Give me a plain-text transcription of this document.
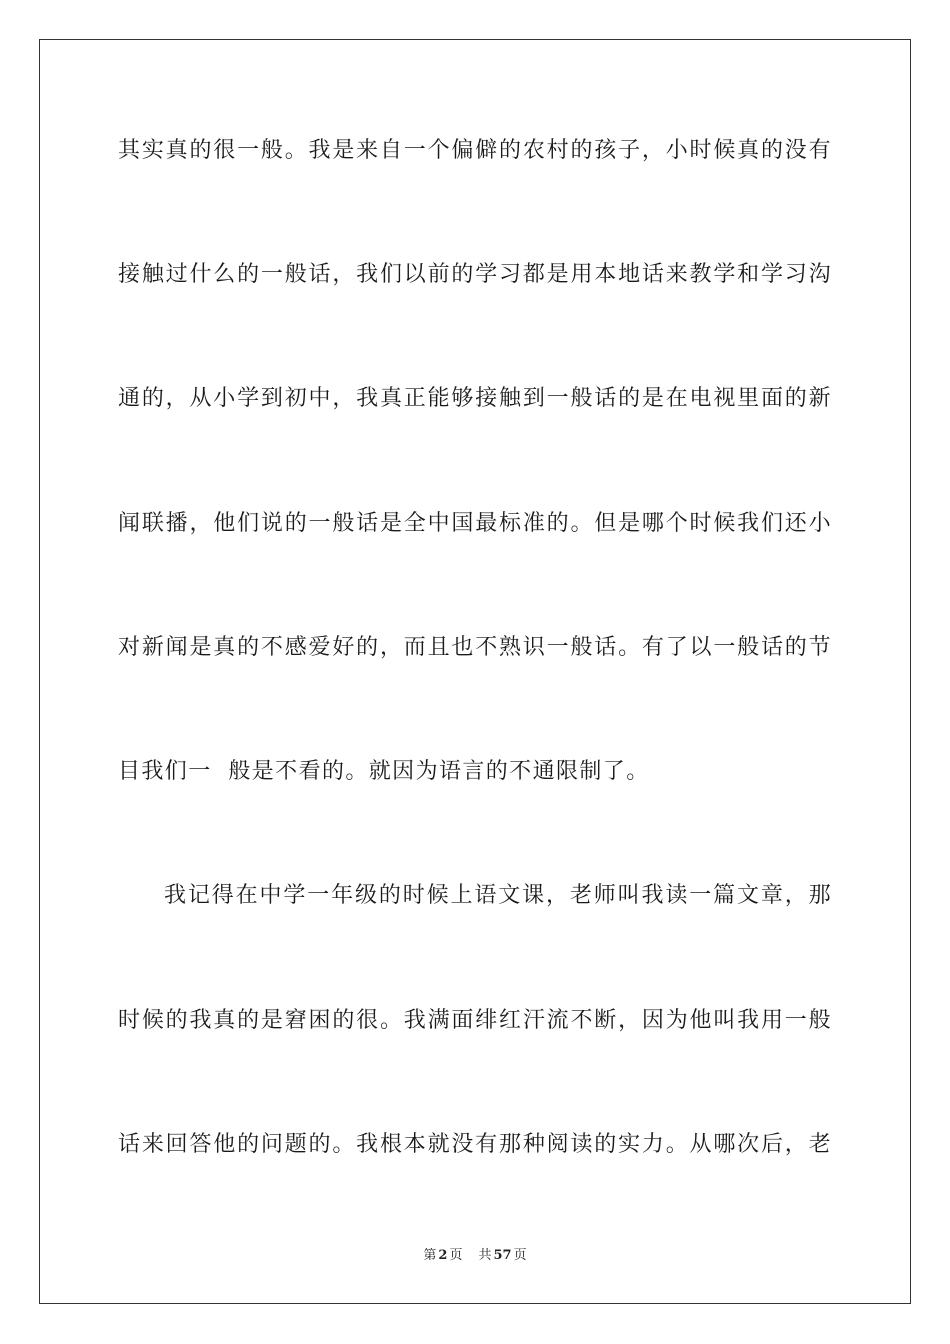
其实真的很一般。我是来自一个偏僻的农村的孩子，小时候真的没有
接触过什么的一般话，我们以前的学习都是用本地话来教学和学习沟
通的，从小学到初中，我真正能够接触到一般话的是在电视里面的新
闻联播，他们说的一般话是全中国最标准的。但是哪个时候我们还小
对新闻是真的不感爱好的，而且也不熟识一般话。有了以一般话的节
目我们一  般是不看的。就因为语言的不通限制了。
我记得在中学一年级的时候上语文课，老师叫我读一篇文章，那
时候的我真的是窘困的很。我满面绯红汗流不断，因为他叫我用一般
话来回答他的问题的。我根本就没有那种阅读的实力。从哪次后，老
第 2 页 共 57 页
